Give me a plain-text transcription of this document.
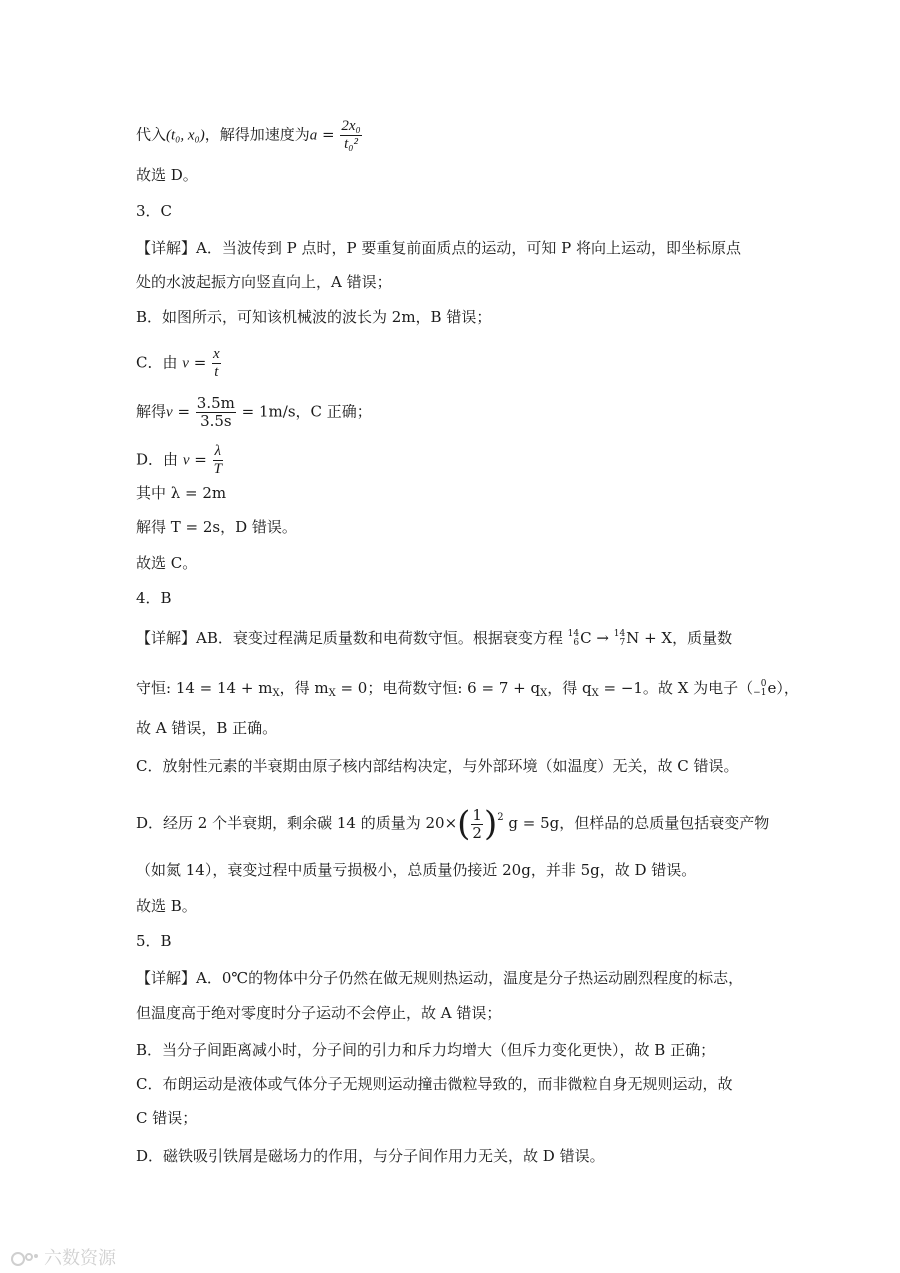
代入(t₀, x₀)，解得加速度为$a = \frac{\text{2x₀}}{\text{t₀²}}$
故选 D。
3．C
【详解】A．当波传到 P 点时，P 要重复前面质点的运动，可知 P 将向上运动，即坐标原点
处的水波起振方向竖直向上，A 错误；
B．如图所示，可知该机械波的波长为 2m，B 错误；
C．由 $v = \frac{x}{t}$
解得$v = \frac{3.5m}{3.5s} = 1m/s$，C 正确；
D．由 $v = \frac{\lambda}{T}$
其中 λ = 2m
解得 T = 2s，D 错误。
故选 C。
4．B
【详解】AB．衰变过程满足质量数和电荷数守恒。根据衰变方程 14
6 C → 14
7 N + X，质量数
守恒: $14 = 14 + m_X$，得 $m_X = 0$；电荷数守恒: $6 = 7 + q_X$，得 $q_X = -1$。故 X 为电子（ 0
−1 e），
故 A 错误，B 正确。
C．放射性元素的半衰期由原子核内部结构决定，与外部环境（如温度）无关，故 C 错误。
D．经历 2 个半衰期，剩余碳 14 的质量为 $20\times( \frac{1}{2} )^2$ g = 5g，但样品的总质量包括衰变产物
（如氮 14），衰变过程中质量亏损极小，总质量仍接近 20g，并非 5g，故 D 错误。
故选 B。
5．B
【详解】A．0℃的物体中分子仍然在做无规则热运动，温度是分子热运动剧烈程度的标志，
但温度高于绝对零度时分子运动不会停止，故 A 错误；
B．当分子间距离减小时，分子间的引力和斥力均增大（但斥力变化更快），故 B 正确；
C．布朗运动是液体或气体分子无规则运动撞击微粒导致的，而非微粒自身无规则运动，故
C 错误；
D．磁铁吸引铁屑是磁场力的作用，与分子间作用力无关，故 D 错误。
六数资源
